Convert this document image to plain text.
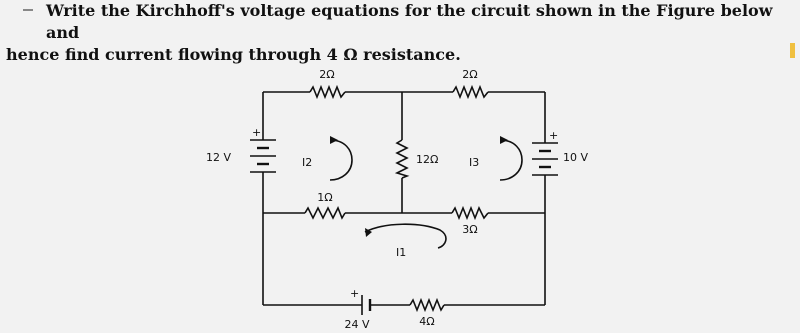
Write the Kirchhoff's voltage equations for the circuit shown in the Figure below and
hence find current flowing through 4 Ω resistance.
2Ω	2Ω
12Ω
1Ω
3Ω
4Ω
12 V	10 V
24 V
I2	I3
I1
+	+
+
